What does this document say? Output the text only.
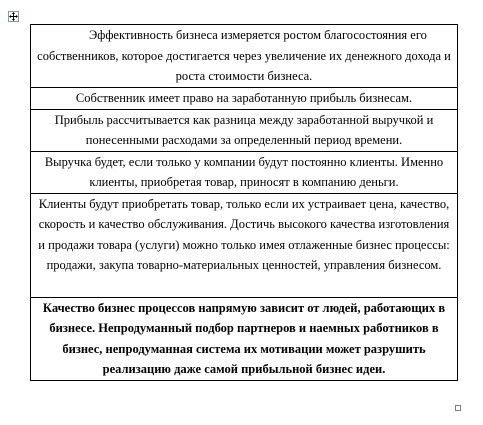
Эффективность бизнеса измеряется ростом благосостояния его собственников, которое достигается через увеличение их денежного дохода и роста стоимости бизнеса.
Собственник имеет право на заработанную прибыль бизнесам.
Прибыль рассчитывается как разница между заработанной выручкой и понесенными расходами за определенный период времени.
Выручка будет, если только у компании будут постоянно клиенты. Именно клиенты, приобретая товар, приносят в компанию деньги.
Клиенты будут приобретать товар, только если их устраивает цена, качество, скорость и качество обслуживания. Достичь высокого качества изготовления и продажи товара (услуги) можно только имея отлаженные бизнес процессы: продажи, закупа товарно-материальных ценностей, управления бизнесом.
Качество бизнес процессов напрямую зависит от людей, работающих в бизнесе. Непродуманный подбор партнеров и наемных работников в бизнес, непродуманная система их мотивации может разрушить реализацию даже самой прибыльной бизнес идеи.
